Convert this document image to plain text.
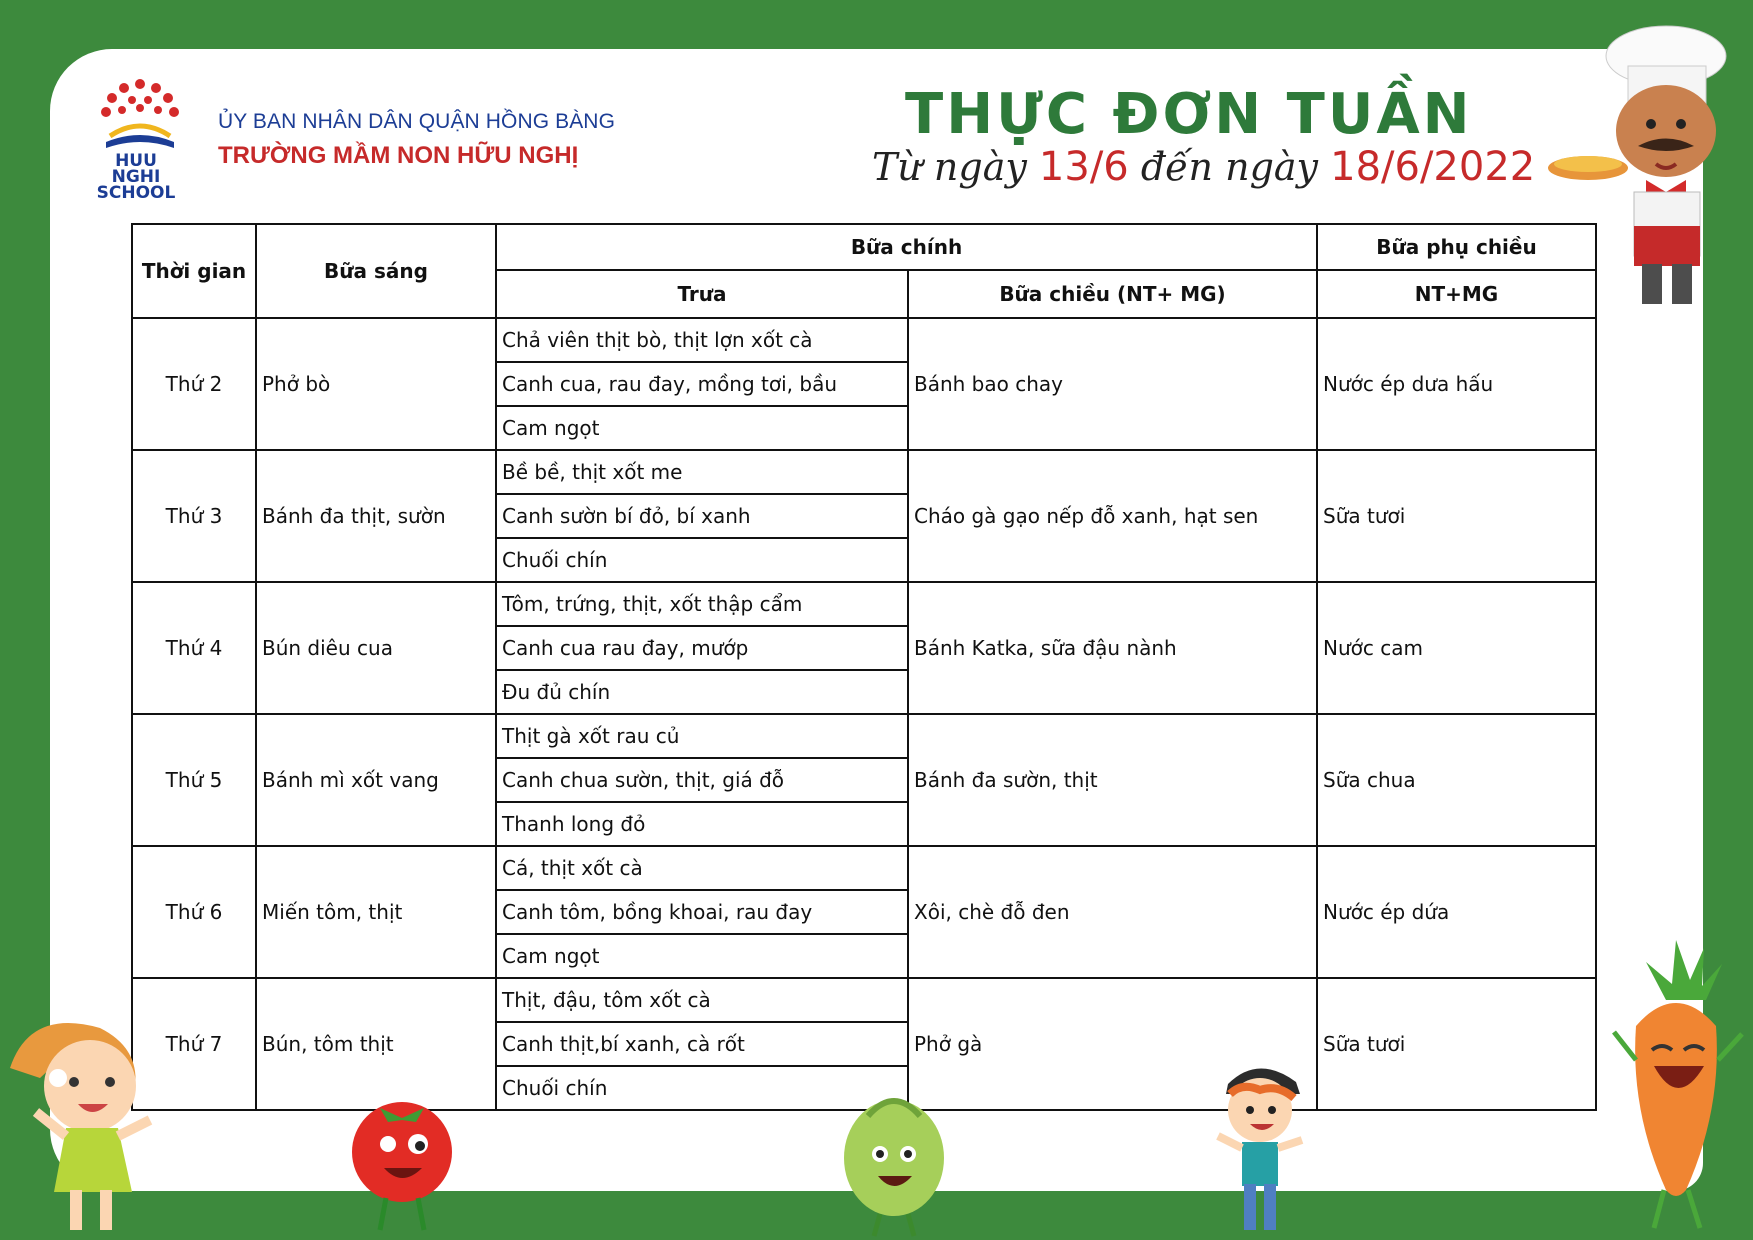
HUU NGHI
SCHOOL
ỦY BAN NHÂN DÂN QUẬN HỒNG BÀNG
TRƯỜNG MẦM NON HỮU NGHỊ
THỰC ĐƠN TUẦN
Từ ngày 13/6 đến ngày 18/6/2022
Thời gian	Bữa sáng	Bữa chính		Bữa phụ chiều
		Trưa	Bữa chiều (NT+ MG)	NT+MG
Thứ 2	Phở bò	Chả viên thịt bò, thịt lợn xốt cà	Bánh bao chay	Nước ép dưa hấu
		Canh cua, rau đay, mồng tơi, bầu		
		Cam ngọt		
Thứ 3	Bánh đa thịt, sườn	Bề bề, thịt xốt me	Cháo gà gạo nếp đỗ xanh, hạt sen	Sữa tươi
		Canh sườn bí đỏ, bí xanh		
		Chuối chín		
Thứ 4	Bún diêu cua	Tôm, trứng, thịt, xốt thập cẩm	Bánh Katka, sữa đậu nành	Nước cam
		Canh cua rau đay, mướp		
		Đu đủ chín		
Thứ 5	Bánh mì xốt vang	Thịt gà xốt rau củ	Bánh đa sườn, thịt	Sữa chua
		Canh chua sườn, thịt, giá đỗ		
		Thanh long đỏ		
Thứ 6	Miến tôm, thịt	Cá, thịt xốt cà	Xôi, chè đỗ đen	Nước ép dứa
		Canh tôm, bồng khoai, rau đay		
		Cam ngọt		
Thứ 7	Bún, tôm thịt	Thịt, đậu, tôm xốt cà	Phở gà	Sữa tươi
		Canh thịt,bí xanh, cà rốt		
		Chuối chín		
